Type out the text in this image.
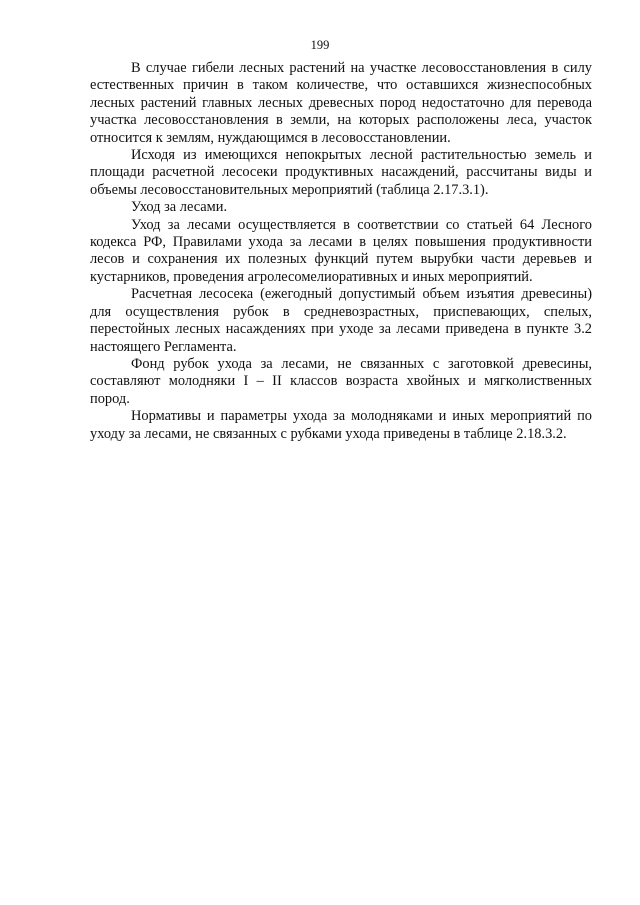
199

В случае гибели лесных растений на участке лесовосстановления в силу естественных причин в таком количестве, что оставшихся жизнеспособных лесных растений главных лесных древесных пород недостаточно для перевода участка лесовосстановления в земли, на которых расположены леса, участок относится к землям, нуждающимся в лесовосстановлении.

Исходя из имеющихся непокрытых лесной растительностью земель и площади расчетной лесосеки продуктивных насаждений, рассчитаны виды и объемы лесовосстановительных мероприятий (таблица 2.17.3.1).

Уход за лесами.

Уход за лесами осуществляется в соответствии со статьей 64 Лесного кодекса РФ, Правилами ухода за лесами в целях повышения продуктивности лесов и сохранения их полезных функций путем вырубки части деревьев и кустарников, проведения агролесомелиоративных и иных мероприятий.

Расчетная лесосека (ежегодный допустимый объем изъятия древесины) для осуществления рубок в средневозрастных, приспевающих, спелых, перестойных лесных насаждениях при уходе за лесами приведена в пункте 3.2 настоящего Регламента.

Фонд рубок ухода за лесами, не связанных с заготовкой древесины, составляют молодняки I – II классов возраста хвойных и мягколиственных пород.

Нормативы и параметры ухода за молодняками и иных мероприятий по уходу за лесами, не связанных с рубками ухода приведены в таблице 2.18.3.2.
